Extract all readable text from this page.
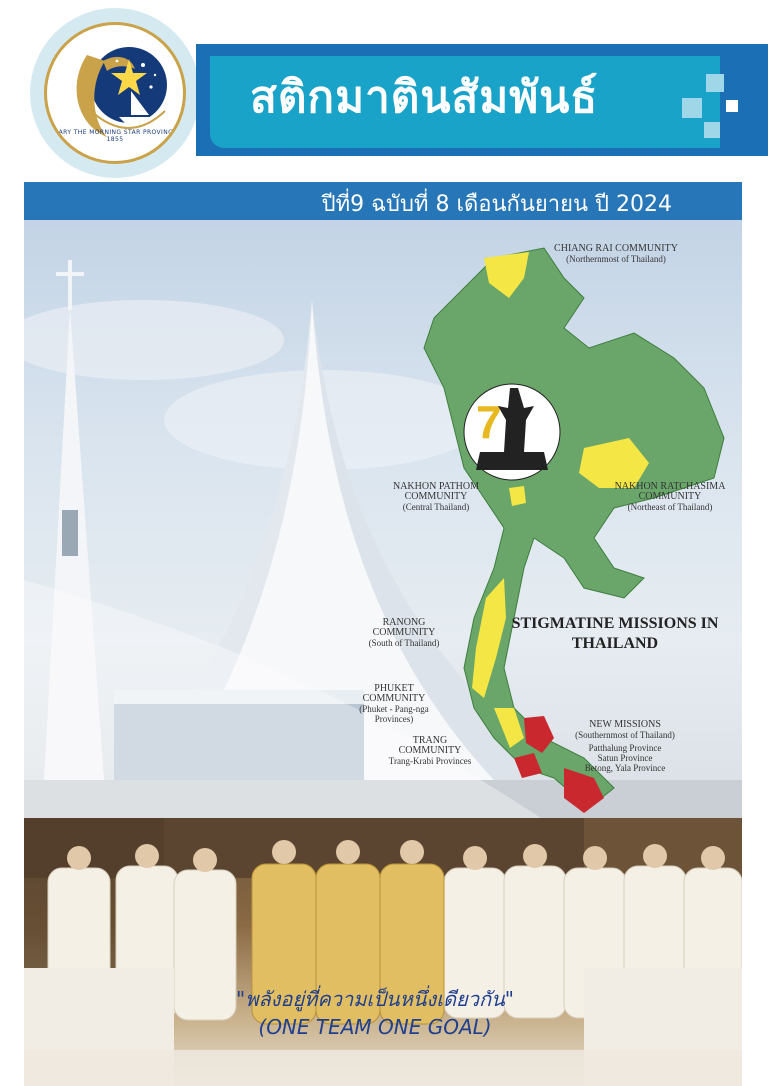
MARY THE MORNING STAR PROVINCE 1855
สติกมาตินสัมพันธ์
ปีที่9 ฉบับที่ 8 เดือนกันยายน ปี 2024
7
CHIANG RAI COMMUNITY
(Northernmost of Thailand)
NAKHON PATHOM COMMUNITY
(Central Thailand)
NAKHON RATCHASIMA COMMUNITY
(Northeast of Thailand)
RANONG COMMUNITY
(South of Thailand)
PHUKET COMMUNITY
(Phuket - Pang-nga Provinces)
TRANG COMMUNITY
Trang-Krabi Provinces
NEW MISSIONS
(Southernmost of Thailand)
Patthalung Province
Satun Province
Betong, Yala Province
STIGMATINE MISSIONS IN THAILAND
"พลังอยู่ที่ความเป็นหนึ่งเดียวกัน"
(ONE TEAM ONE GOAL)
